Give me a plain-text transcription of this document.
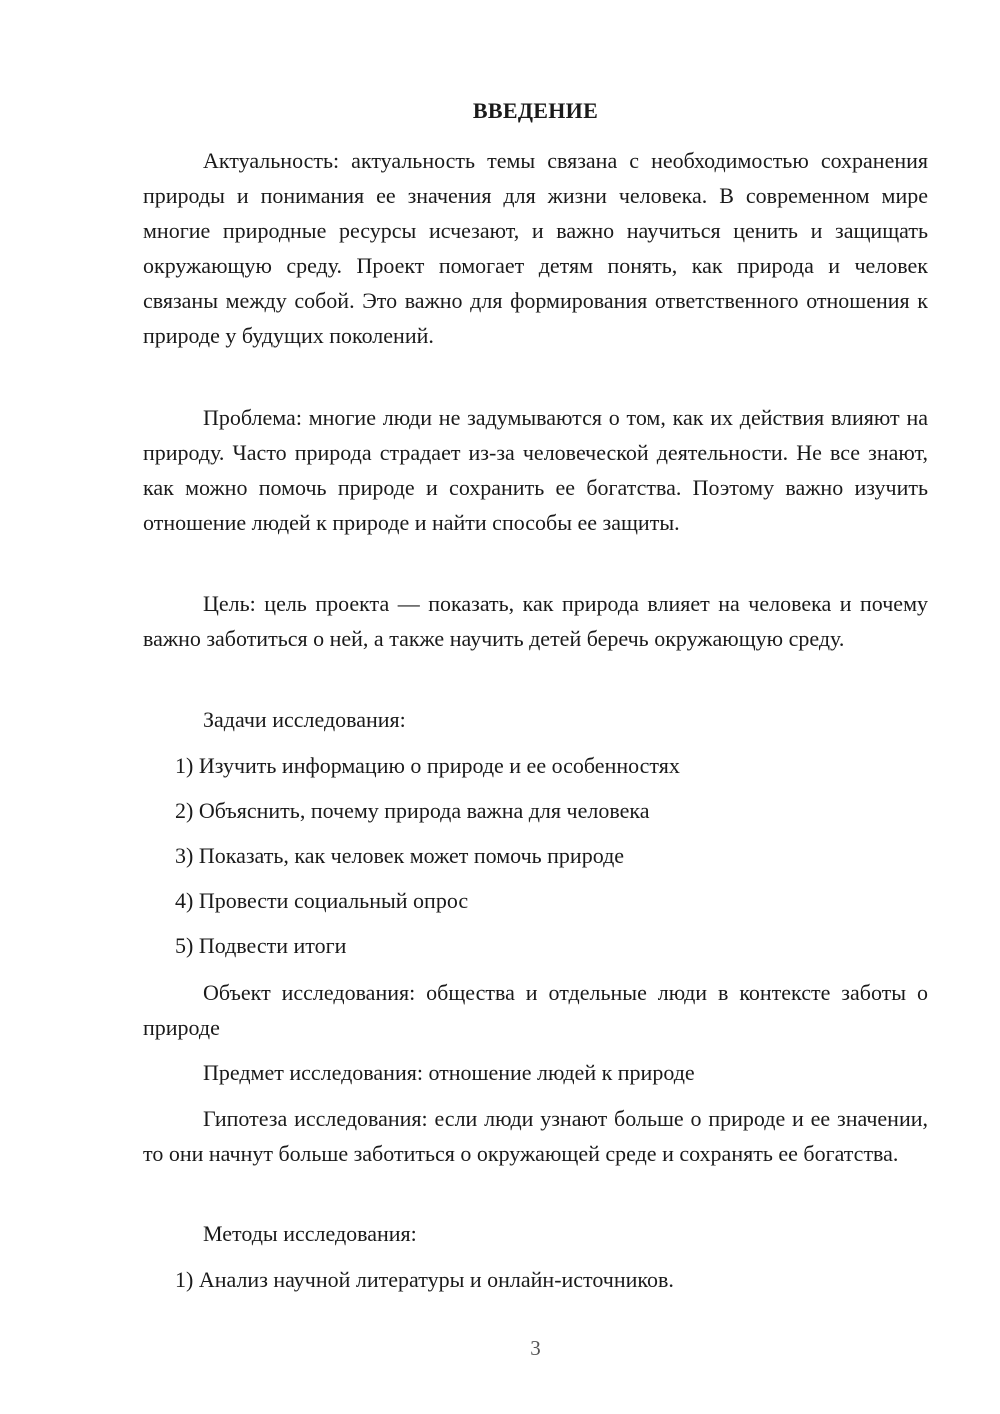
ВВЕДЕНИЕ

Актуальность: актуальность темы связана с необходимостью сохранения природы и понимания ее значения для жизни человека. В современном мире многие природные ресурсы исчезают, и важно научиться ценить и защищать окружающую среду. Проект помогает детям понять, как природа и человек связаны между собой. Это важно для формирования ответственного отношения к природе у будущих поколений.

Проблема: многие люди не задумываются о том, как их действия влияют на природу. Часто природа страдает из-за человеческой деятельности. Не все знают, как можно помочь природе и сохранить ее богатства. Поэтому важно изучить отношение людей к природе и найти способы ее защиты.

Цель: цель проекта — показать, как природа влияет на человека и почему важно заботиться о ней, а также научить детей беречь окружающую среду.

Задачи исследования:
1) Изучить информацию о природе и ее особенностях
2) Объяснить, почему природа важна для человека
3) Показать, как человек может помочь природе
4) Провести социальный опрос
5) Подвести итоги

Объект исследования: общества и отдельные люди в контексте заботы о природе

Предмет исследования: отношение людей к природе

Гипотеза исследования: если люди узнают больше о природе и ее значении, то они начнут больше заботиться о окружающей среде и сохранять ее богатства.

Методы исследования:
1) Анализ научной литературы и онлайн-источников.
3
